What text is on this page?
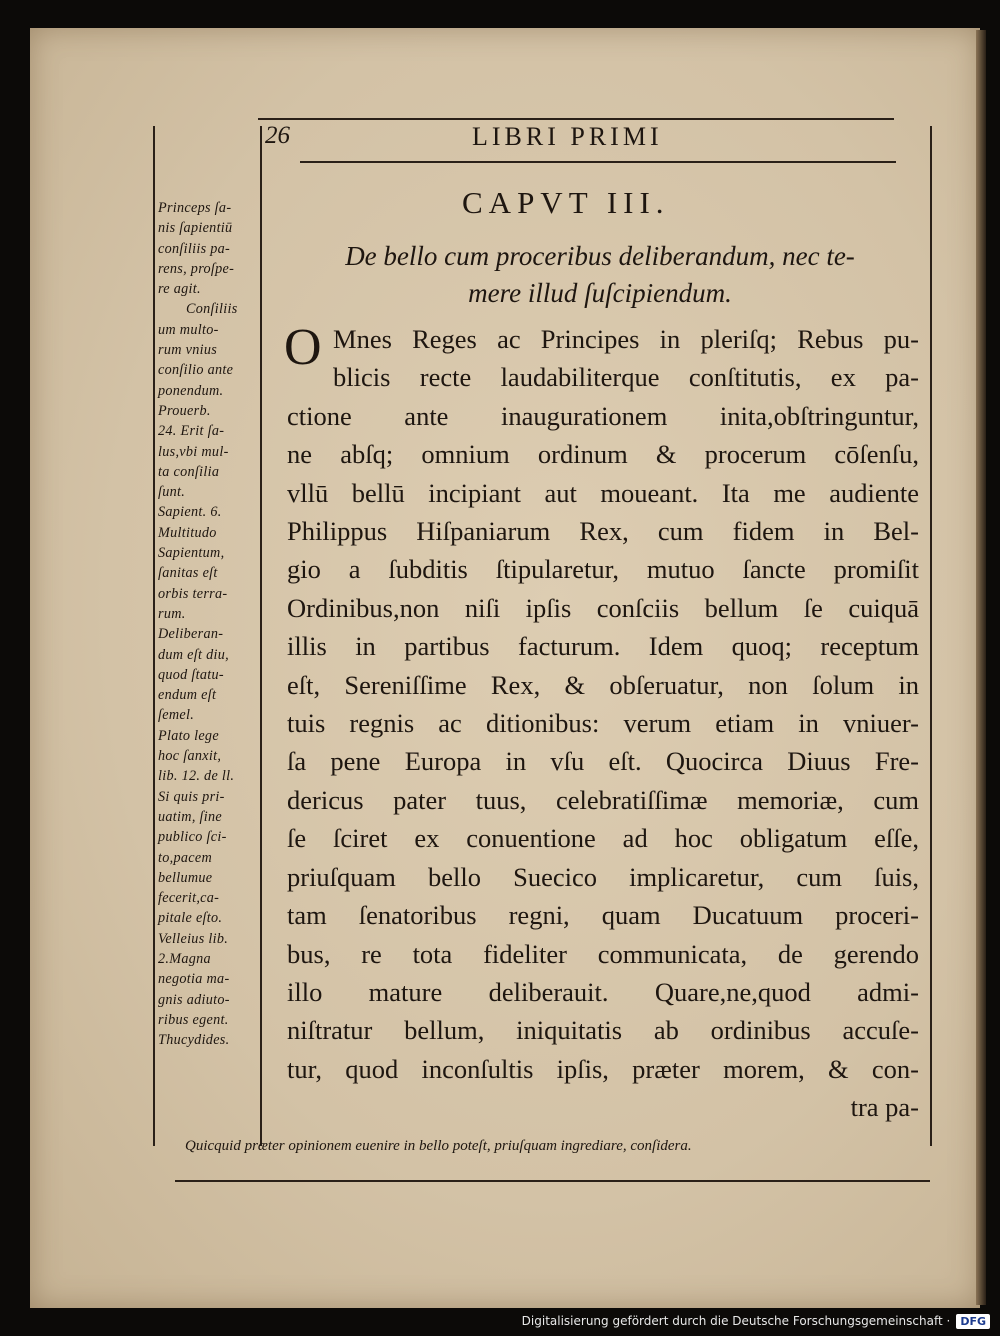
26	LIBRI PRIMI
Princeps ſa-
nis ſapientiū
conſiliis pa-
rens, proſpe-
re agit.
Conſiliis
um multo-
rum vnius
conſilio ante
ponendum.
Prouerb.
24. Erit ſa-
lus,vbi mul-
ta conſilia
ſunt.
Sapient. 6.
Multitudo
Sapientum,
ſanitas eſt
orbis terra-
rum.
Deliberan-
dum eſt diu,
quod ſtatu-
endum eſt
ſemel.
Plato lege
hoc ſanxit,
lib. 12. de ll.
Si quis pri-
uatim, ſine
publico ſci-
to,pacem
bellumue
fecerit,ca-
pitale eſto.
Velleius lib.
2.Magna
negotia ma-
gnis adiuto-
ribus egent.
Thucydides.
CAPVT III.
De bello cum proceribus deliberandum, nec te-
mere illud ſuſcipiendum.
O Mnes Reges ac Principes in pleriſq; Rebus pu-
blicis recte laudabiliterque conſtitutis, ex pa-
ctione ante inaugurationem inita,obſtringuntur,
ne abſq; omnium ordinum & procerum cōſenſu,
vllū bellū incipiant aut moueant. Ita me audiente
Philippus Hiſpaniarum Rex, cum fidem in Bel-
gio a ſubditis ſtipularetur, mutuo ſancte promiſit
Ordinibus,non niſi ipſis conſciis bellum ſe cuiquā
illis in partibus facturum. Idem quoq; receptum
eſt, Sereniſſime Rex, & obſeruatur, non ſolum in
tuis regnis ac ditionibus: verum etiam in vniuer-
ſa pene Europa in vſu eſt. Quocirca Diuus Fre-
dericus pater tuus, celebratiſſimæ memoriæ, cum
ſe ſciret ex conuentione ad hoc obligatum eſſe,
priuſquam bello Suecico implicaretur, cum ſuis,
tam ſenatoribus regni, quam Ducatuum proceri-
bus, re tota fideliter communicata, de gerendo
illo mature deliberauit. Quare,ne,quod admi-
niſtratur bellum, iniquitatis ab ordinibus accuſe-
tur, quod inconſultis ipſis, præter morem, & con-
tra pa-
Quicquid præter opinionem euenire in bello poteſt, priuſquam ingrediare, conſidera.
Digitalisierung gefördert durch die Deutsche Forschungsgemeinschaft · DFG
